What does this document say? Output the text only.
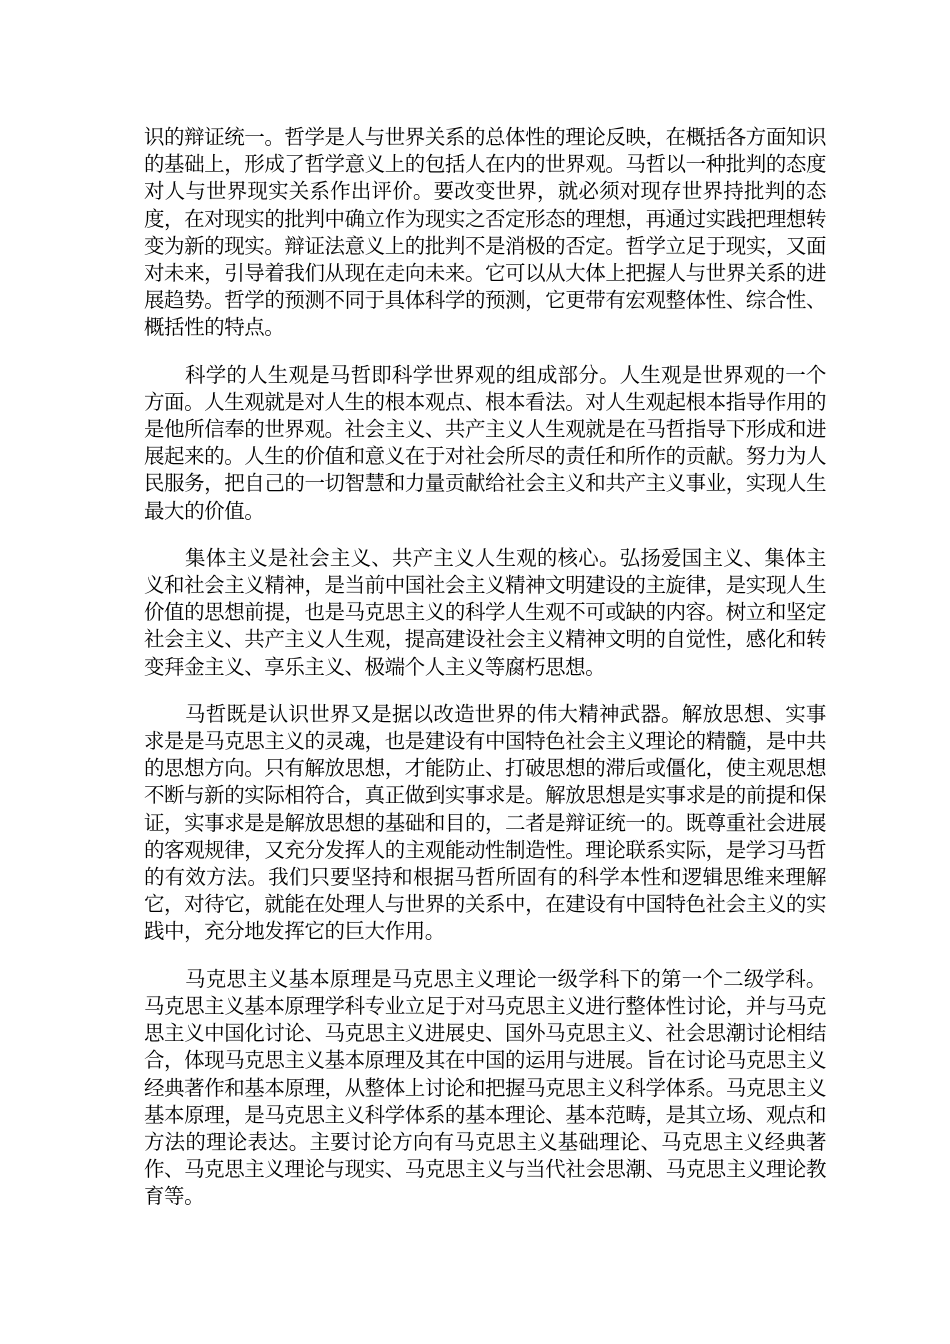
识的辩证统一。哲学是人与世界关系的总体性的理论反映，在概括各方面知识的基础上，形成了哲学意义上的包括人在内的世界观。马哲以一种批判的态度对人与世界现实关系作出评价。要改变世界，就必须对现存世界持批判的态度，在对现实的批判中确立作为现实之否定形态的理想，再通过实践把理想转变为新的现实。辩证法意义上的批判不是消极的否定。哲学立足于现实，又面对未来，引导着我们从现在走向未来。它可以从大体上把握人与世界关系的进展趋势。哲学的预测不同于具体科学的预测，它更带有宏观整体性、综合性、概括性的特点。

科学的人生观是马哲即科学世界观的组成部分。人生观是世界观的一个方面。人生观就是对人生的根本观点、根本看法。对人生观起根本指导作用的是他所信奉的世界观。社会主义、共产主义人生观就是在马哲指导下形成和进展起来的。人生的价值和意义在于对社会所尽的责任和所作的贡献。努力为人民服务，把自己的一切智慧和力量贡献给社会主义和共产主义事业，实现人生最大的价值。

集体主义是社会主义、共产主义人生观的核心。弘扬爱国主义、集体主义和社会主义精神，是当前中国社会主义精神文明建设的主旋律，是实现人生价值的思想前提，也是马克思主义的科学人生观不可或缺的内容。树立和坚定社会主义、共产主义人生观，提高建设社会主义精神文明的自觉性，感化和转变拜金主义、享乐主义、极端个人主义等腐朽思想。

马哲既是认识世界又是据以改造世界的伟大精神武器。解放思想、实事求是是马克思主义的灵魂，也是建设有中国特色社会主义理论的精髓，是中共的思想方向。只有解放思想，才能防止、打破思想的滞后或僵化，使主观思想不断与新的实际相符合，真正做到实事求是。解放思想是实事求是的前提和保证，实事求是是解放思想的基础和目的，二者是辩证统一的。既尊重社会进展的客观规律，又充分发挥人的主观能动性制造性。理论联系实际，是学习马哲的有效方法。我们只要坚持和根据马哲所固有的科学本性和逻辑思维来理解它，对待它，就能在处理人与世界的关系中，在建设有中国特色社会主义的实践中，充分地发挥它的巨大作用。

马克思主义基本原理是马克思主义理论一级学科下的第一个二级学科。马克思主义基本原理学科专业立足于对马克思主义进行整体性讨论，并与马克思主义中国化讨论、马克思主义进展史、国外马克思主义、社会思潮讨论相结合，体现马克思主义基本原理及其在中国的运用与进展。旨在讨论马克思主义经典著作和基本原理，从整体上讨论和把握马克思主义科学体系。马克思主义基本原理，是马克思主义科学体系的基本理论、基本范畴，是其立场、观点和方法的理论表达。主要讨论方向有马克思主义基础理论、马克思主义经典著作、马克思主义理论与现实、马克思主义与当代社会思潮、马克思主义理论教育等。
